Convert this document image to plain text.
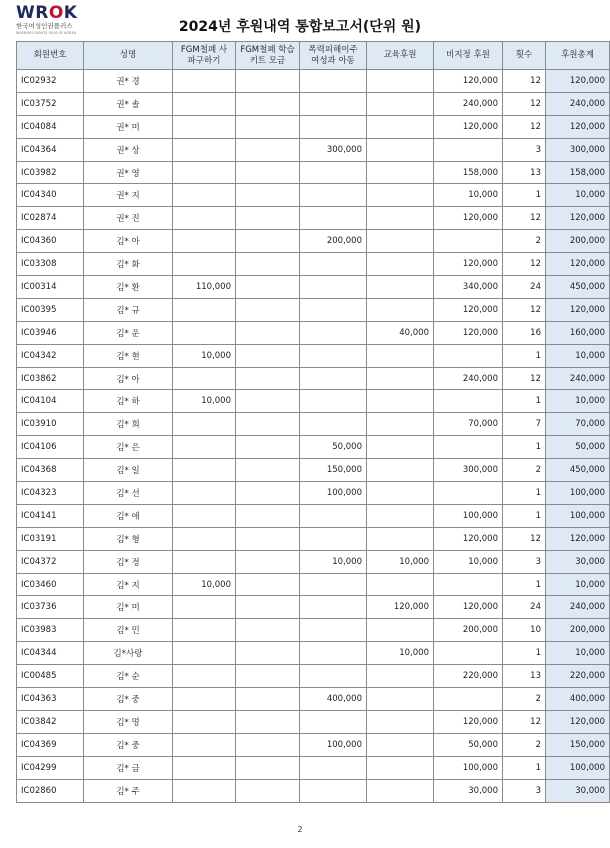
WROK
한국여성인권플러스
WOMEN'S RIGHTS PLUS OF KOREA	2024년 후원내역 통합보고서(단위 원)
회원번호	성명	FGM철폐 사파구하기	FGM철폐 학습키트 모금	폭력피해이주 여성과 아동	교육후원	비지정 후원	횟수	후원총계
IC02932	권* 경					120,000	12	120,000
IC03752	권* 솔					240,000	12	240,000
IC04084	권* 미					120,000	12	120,000
IC04364	권* 상			300,000			3	300,000
IC03982	권* 영					158,000	13	158,000
IC04340	권* 지					10,000	1	10,000
IC02874	권* 진					120,000	12	120,000
IC04360	김* 아			200,000			2	200,000
IC03308	김* 화					120,000	12	120,000
IC00314	김* 환	110,000				340,000	24	450,000
IC00395	김* 규					120,000	12	120,000
IC03946	김* 운				40,000	120,000	16	160,000
IC04342	김* 현	10,000					1	10,000
IC03862	김* 아					240,000	12	240,000
IC04104	김* 하	10,000					1	10,000
IC03910	김* 희					70,000	7	70,000
IC04106	김* 은			50,000			1	50,000
IC04368	김* 일			150,000		300,000	2	450,000
IC04323	김* 선			100,000			1	100,000
IC04141	김* 애					100,000	1	100,000
IC03191	김* 형					120,000	12	120,000
IC04372	김* 정			10,000	10,000	10,000	3	30,000
IC03460	김* 지	10,000					1	10,000
IC03736	김* 미				120,000	120,000	24	240,000
IC03983	김* 민					200,000	10	200,000
IC04344	김*사랑				10,000		1	10,000
IC00485	김* 순					220,000	13	220,000
IC04363	김* 중			400,000			2	400,000
IC03842	김* 명					120,000	12	120,000
IC04369	김* 중			100,000		50,000	2	150,000
IC04299	김* 금					100,000	1	100,000
IC02860	김* 주					30,000	3	30,000
2
